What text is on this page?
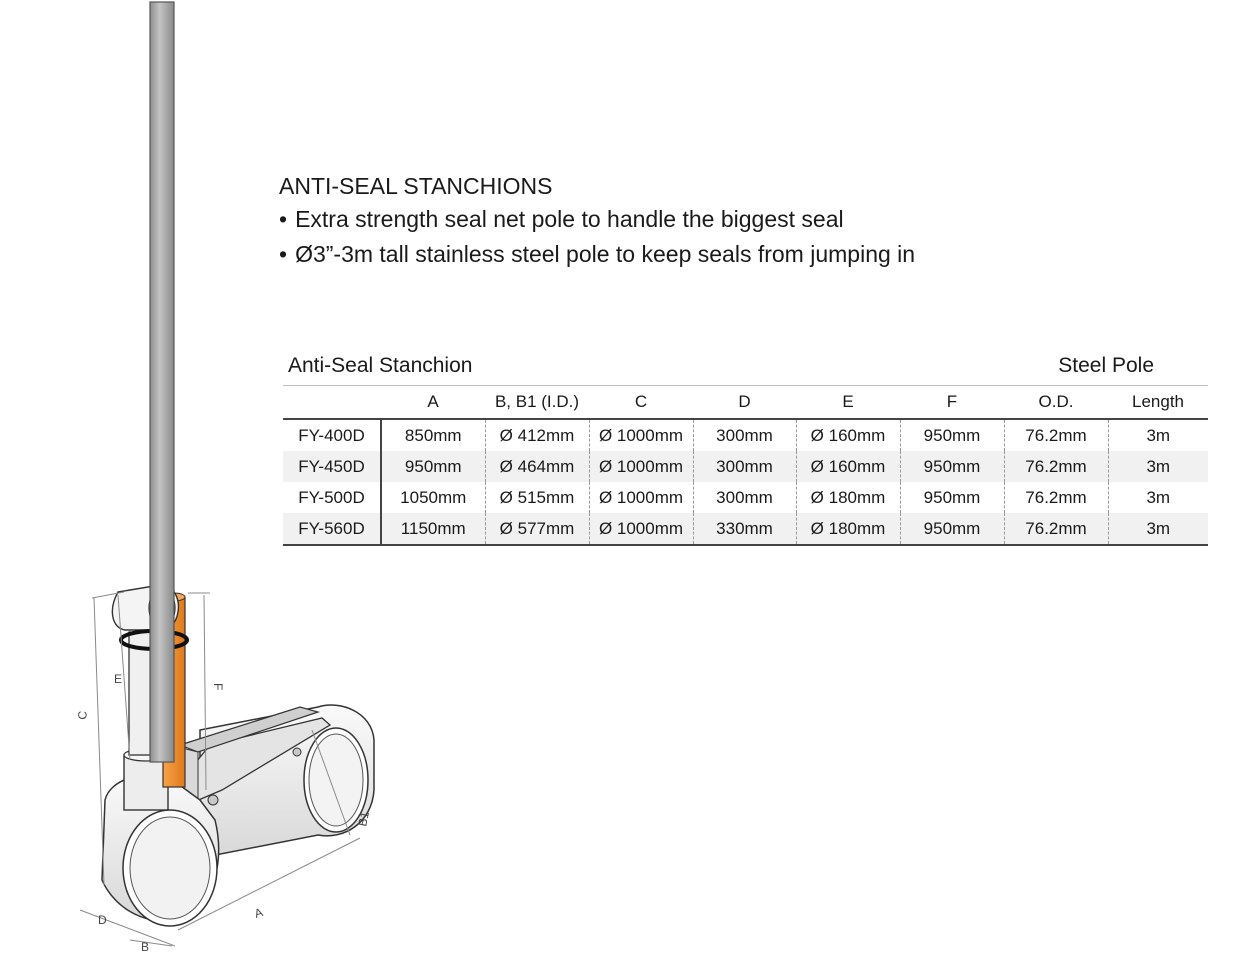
C
E
F
B1
A
D
B
ANTI-SEAL STANCHIONS
• Extra strength seal net pole to handle the biggest seal
• Ø3”-3m tall stainless steel pole to keep seals from jumping in
Anti-Seal Stanchion	Steel Pole
	A	B, B1 (I.D.)	C	D	E	F	O.D.	Length
FY-400D	850mm	Ø 412mm	Ø 1000mm	300mm	Ø 160mm	950mm	76.2mm	3m
FY-450D	950mm	Ø 464mm	Ø 1000mm	300mm	Ø 160mm	950mm	76.2mm	3m
FY-500D	1050mm	Ø 515mm	Ø 1000mm	300mm	Ø 180mm	950mm	76.2mm	3m
FY-560D	1150mm	Ø 577mm	Ø 1000mm	330mm	Ø 180mm	950mm	76.2mm	3m
